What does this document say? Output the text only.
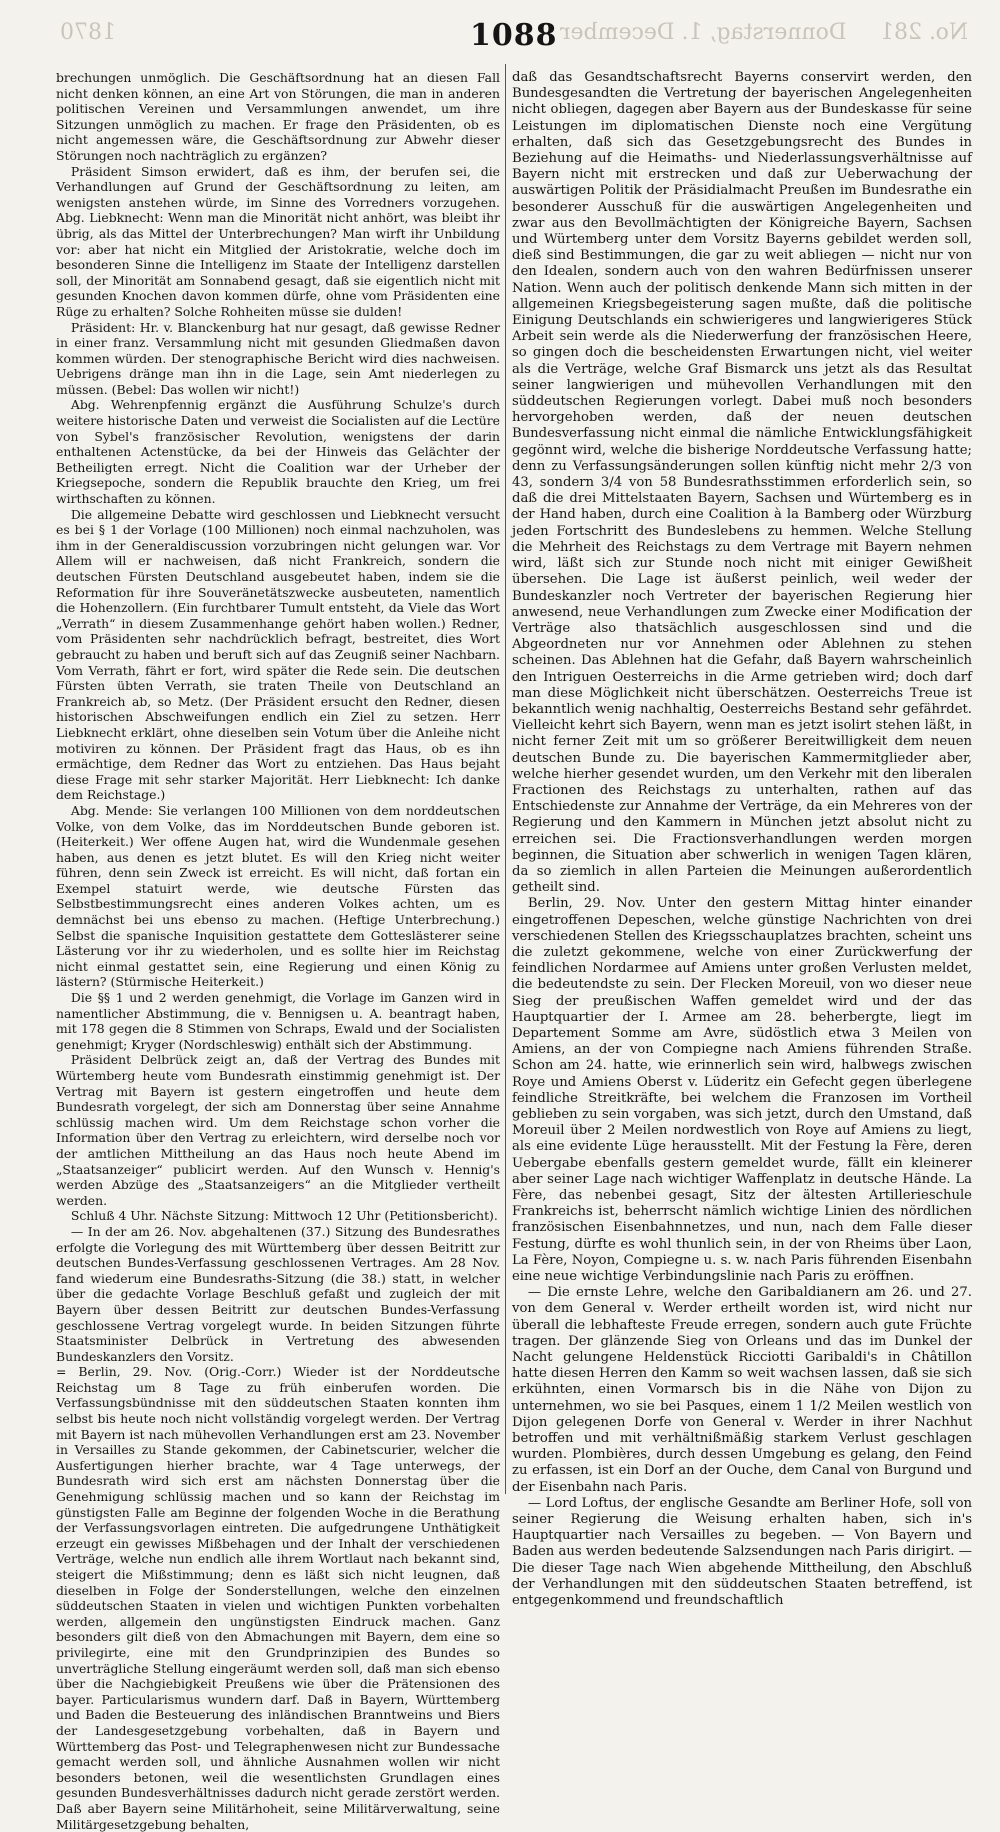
1870	Donnerstag, 1. December No. 281
1088

brechungen unmöglich. Die Geschäftsordnung hat an diesen Fall nicht denken können, an eine Art von Störungen, die man in anderen politischen Vereinen und Versammlungen anwendet, um ihre Sitzungen unmöglich zu machen. Er frage den Präsidenten, ob es nicht angemessen wäre, die Geschäftsordnung zur Abwehr dieser Störungen noch nachträglich zu ergänzen?

Präsident Simson erwidert, daß es ihm, der berufen sei, die Verhandlungen auf Grund der Geschäftsordnung zu leiten, am wenigsten anstehen würde, im Sinne des Vorredners vorzugehen. Abg. Liebknecht: Wenn man die Minorität nicht anhört, was bleibt ihr übrig, als das Mittel der Unterbrechungen? Man wirft ihr Unbildung vor: aber hat nicht ein Mitglied der Aristokratie, welche doch im besonderen Sinne die Intelligenz im Staate der Intelligenz darstellen soll, der Minorität am Sonnabend gesagt, daß sie eigentlich nicht mit gesunden Knochen davon kommen dürfe, ohne vom Präsidenten eine Rüge zu erhalten? Solche Rohheiten müsse sie dulden!

Präsident: Hr. v. Blanckenburg hat nur gesagt, daß gewisse Redner in einer franz. Versammlung nicht mit gesunden Gliedmaßen davon kommen würden. Der stenographische Bericht wird dies nachweisen. Uebrigens dränge man ihn in die Lage, sein Amt niederlegen zu müssen. (Bebel: Das wollen wir nicht!)

Abg. Wehrenpfennig ergänzt die Ausführung Schulze's durch weitere historische Daten und verweist die Socialisten auf die Lectüre von Sybel's französischer Revolution, wenigstens der darin enthaltenen Actenstücke, da bei der Hinweis das Gelächter der Betheiligten erregt. Nicht die Coalition war der Urheber der Kriegsepoche, sondern die Republik brauchte den Krieg, um frei wirthschaften zu können.

Die allgemeine Debatte wird geschlossen und Liebknecht versucht es bei § 1 der Vorlage (100 Millionen) noch einmal nachzuholen, was ihm in der Generaldiscussion vorzubringen nicht gelungen war. Vor Allem will er nachweisen, daß nicht Frankreich, sondern die deutschen Fürsten Deutschland ausgebeutet haben, indem sie die Reformation für ihre Souveränetätszwecke ausbeuteten, namentlich die Hohenzollern. (Ein furchtbarer Tumult entsteht, da Viele das Wort „Verrath“ in diesem Zusammenhange gehört haben wollen.) Redner, vom Präsidenten sehr nachdrücklich befragt, bestreitet, dies Wort gebraucht zu haben und beruft sich auf das Zeugniß seiner Nachbarn. Vom Verrath, fährt er fort, wird später die Rede sein. Die deutschen Fürsten übten Verrath, sie traten Theile von Deutschland an Frankreich ab, so Metz. (Der Präsident ersucht den Redner, diesen historischen Abschweifungen endlich ein Ziel zu setzen. Herr Liebknecht erklärt, ohne dieselben sein Votum über die Anleihe nicht motiviren zu können. Der Präsident fragt das Haus, ob es ihn ermächtige, dem Redner das Wort zu entziehen. Das Haus bejaht diese Frage mit sehr starker Majorität. Herr Liebknecht: Ich danke dem Reichstage.)

Abg. Mende: Sie verlangen 100 Millionen von dem norddeutschen Volke, von dem Volke, das im Norddeutschen Bunde geboren ist. (Heiterkeit.) Wer offene Augen hat, wird die Wundenmale gesehen haben, aus denen es jetzt blutet. Es will den Krieg nicht weiter führen, denn sein Zweck ist erreicht. Es will nicht, daß fortan ein Exempel statuirt werde, wie deutsche Fürsten das Selbstbestimmungsrecht eines anderen Volkes achten, um es demnächst bei uns ebenso zu machen. (Heftige Unterbrechung.) Selbst die spanische Inquisition gestattete dem Gotteslästerer seine Lästerung vor ihr zu wiederholen, und es sollte hier im Reichstag nicht einmal gestattet sein, eine Regierung und einen König zu lästern? (Stürmische Heiterkeit.)

Die §§ 1 und 2 werden genehmigt, die Vorlage im Ganzen wird in namentlicher Abstimmung, die v. Bennigsen u. A. beantragt haben, mit 178 gegen die 8 Stimmen von Schraps, Ewald und der Socialisten genehmigt; Kryger (Nordschleswig) enthält sich der Abstimmung.

Präsident Delbrück zeigt an, daß der Vertrag des Bundes mit Würtemberg heute vom Bundesrath einstimmig genehmigt ist. Der Vertrag mit Bayern ist gestern eingetroffen und heute dem Bundesrath vorgelegt, der sich am Donnerstag über seine Annahme schlüssig machen wird. Um dem Reichstage schon vorher die Information über den Vertrag zu erleichtern, wird derselbe noch vor der amtlichen Mittheilung an das Haus noch heute Abend im „Staatsanzeiger“ publicirt werden. Auf den Wunsch v. Hennig's werden Abzüge des „Staatsanzeigers“ an die Mitglieder vertheilt werden.

Schluß 4 Uhr. Nächste Sitzung: Mittwoch 12 Uhr (Petitionsbericht).

— In der am 26. Nov. abgehaltenen (37.) Sitzung des Bundesrathes erfolgte die Vorlegung des mit Württemberg über dessen Beitritt zur deutschen Bundes-Verfassung geschlossenen Vertrages. Am 28 Nov. fand wiederum eine Bundesraths-Sitzung (die 38.) statt, in welcher über die gedachte Vorlage Beschluß gefaßt und zugleich der mit Bayern über dessen Beitritt zur deutschen Bundes-Verfassung geschlossene Vertrag vorgelegt wurde. In beiden Sitzungen führte Staatsminister Delbrück in Vertretung des abwesenden Bundeskanzlers den Vorsitz.

= Berlin, 29. Nov. (Orig.-Corr.) Wieder ist der Norddeutsche Reichstag um 8 Tage zu früh einberufen worden. Die Verfassungsbündnisse mit den süddeutschen Staaten konnten ihm selbst bis heute noch nicht vollständig vorgelegt werden. Der Vertrag mit Bayern ist nach mühevollen Verhandlungen erst am 23. November in Versailles zu Stande gekommen, der Cabinetscurier, welcher die Ausfertigungen hierher brachte, war 4 Tage unterwegs, der Bundesrath wird sich erst am nächsten Donnerstag über die Genehmigung schlüssig machen und so kann der Reichstag im günstigsten Falle am Beginne der folgenden Woche in die Berathung der Verfassungsvorlagen eintreten. Die aufgedrungene Unthätigkeit erzeugt ein gewisses Mißbehagen und der Inhalt der verschiedenen Verträge, welche nun endlich alle ihrem Wortlaut nach bekannt sind, steigert die Mißstimmung; denn es läßt sich nicht leugnen, daß dieselben in Folge der Sonderstellungen, welche den einzelnen süddeutschen Staaten in vielen und wichtigen Punkten vorbehalten werden, allgemein den ungünstigsten Eindruck machen. Ganz besonders gilt dieß von den Abmachungen mit Bayern, dem eine so privilegirte, eine mit den Grundprinzipien des Bundes so unverträgliche Stellung eingeräumt werden soll, daß man sich ebenso über die Nachgiebigkeit Preußens wie über die Prätensionen des bayer. Particularismus wundern darf. Daß in Bayern, Württemberg und Baden die Besteuerung des inländischen Branntweins und Biers der Landesgesetzgebung vorbehalten, daß in Bayern und Württemberg das Post- und Telegraphenwesen nicht zur Bundessache gemacht werden soll, und ähnliche Ausnahmen wollen wir nicht besonders betonen, weil die wesentlichsten Grundlagen eines gesunden Bundesverhältnisses dadurch nicht gerade zerstört werden. Daß aber Bayern seine Militärhoheit, seine Militärverwaltung, seine Militärgesetzgebung behalten,

daß das Gesandtschaftsrecht Bayerns conservirt werden, den Bundesgesandten die Vertretung der bayerischen Angelegenheiten nicht obliegen, dagegen aber Bayern aus der Bundeskasse für seine Leistungen im diplomatischen Dienste noch eine Vergütung erhalten, daß sich das Gesetzgebungsrecht des Bundes in Beziehung auf die Heimaths- und Niederlassungsverhältnisse auf Bayern nicht mit erstrecken und daß zur Ueberwachung der auswärtigen Politik der Präsidialmacht Preußen im Bundesrathe ein besonderer Ausschuß für die auswärtigen Angelegenheiten und zwar aus den Bevollmächtigten der Königreiche Bayern, Sachsen und Würtemberg unter dem Vorsitz Bayerns gebildet werden soll, dieß sind Bestimmungen, die gar zu weit abliegen — nicht nur von den Idealen, sondern auch von den wahren Bedürfnissen unserer Nation. Wenn auch der politisch denkende Mann sich mitten in der allgemeinen Kriegsbegeisterung sagen mußte, daß die politische Einigung Deutschlands ein schwierigeres und langwierigeres Stück Arbeit sein werde als die Niederwerfung der französischen Heere, so gingen doch die bescheidensten Erwartungen nicht, viel weiter als die Verträge, welche Graf Bismarck uns jetzt als das Resultat seiner langwierigen und mühevollen Verhandlungen mit den süddeutschen Regierungen vorlegt. Dabei muß noch besonders hervorgehoben werden, daß der neuen deutschen Bundesverfassung nicht einmal die nämliche Entwicklungsfähigkeit gegönnt wird, welche die bisherige Norddeutsche Verfassung hatte; denn zu Verfassungsänderungen sollen künftig nicht mehr 2/3 von 43, sondern 3/4 von 58 Bundesrathsstimmen erforderlich sein, so daß die drei Mittelstaaten Bayern, Sachsen und Würtemberg es in der Hand haben, durch eine Coalition à la Bamberg oder Würzburg jeden Fortschritt des Bundeslebens zu hemmen. Welche Stellung die Mehrheit des Reichstags zu dem Vertrage mit Bayern nehmen wird, läßt sich zur Stunde noch nicht mit einiger Gewißheit übersehen. Die Lage ist äußerst peinlich, weil weder der Bundeskanzler noch Vertreter der bayerischen Regierung hier anwesend, neue Verhandlungen zum Zwecke einer Modification der Verträge also thatsächlich ausgeschlossen sind und die Abgeordneten nur vor Annehmen oder Ablehnen zu stehen scheinen. Das Ablehnen hat die Gefahr, daß Bayern wahrscheinlich den Intriguen Oesterreichs in die Arme getrieben wird; doch darf man diese Möglichkeit nicht überschätzen. Oesterreichs Treue ist bekanntlich wenig nachhaltig, Oesterreichs Bestand sehr gefährdet. Vielleicht kehrt sich Bayern, wenn man es jetzt isolirt stehen läßt, in nicht ferner Zeit mit um so größerer Bereitwilligkeit dem neuen deutschen Bunde zu. Die bayerischen Kammermitglieder aber, welche hierher gesendet wurden, um den Verkehr mit den liberalen Fractionen des Reichstags zu unterhalten, rathen auf das Entschiedenste zur Annahme der Verträge, da ein Mehreres von der Regierung und den Kammern in München jetzt absolut nicht zu erreichen sei. Die Fractionsverhandlungen werden morgen beginnen, die Situation aber schwerlich in wenigen Tagen klären, da so ziemlich in allen Parteien die Meinungen außerordentlich getheilt sind.

Berlin, 29. Nov. Unter den gestern Mittag hinter einander eingetroffenen Depeschen, welche günstige Nachrichten von drei verschiedenen Stellen des Kriegsschauplatzes brachten, scheint uns die zuletzt gekommene, welche von einer Zurückwerfung der feindlichen Nordarmee auf Amiens unter großen Verlusten meldet, die bedeutendste zu sein. Der Flecken Moreuil, von wo dieser neue Sieg der preußischen Waffen gemeldet wird und der das Hauptquartier der I. Armee am 28. beherbergte, liegt im Departement Somme am Avre, südöstlich etwa 3 Meilen von Amiens, an der von Compiegne nach Amiens führenden Straße. Schon am 24. hatte, wie erinnerlich sein wird, halbwegs zwischen Roye und Amiens Oberst v. Lüderitz ein Gefecht gegen überlegene feindliche Streitkräfte, bei welchem die Franzosen im Vortheil geblieben zu sein vorgaben, was sich jetzt, durch den Umstand, daß Moreuil über 2 Meilen nordwestlich von Roye auf Amiens zu liegt, als eine evidente Lüge herausstellt. Mit der Festung la Fère, deren Uebergabe ebenfalls gestern gemeldet wurde, fällt ein kleinerer aber seiner Lage nach wichtiger Waffenplatz in deutsche Hände. La Fère, das nebenbei gesagt, Sitz der ältesten Artillerieschule Frankreichs ist, beherrscht nämlich wichtige Linien des nördlichen französischen Eisenbahnnetzes, und nun, nach dem Falle dieser Festung, dürfte es wohl thunlich sein, in der von Rheims über Laon, La Fère, Noyon, Compiegne u. s. w. nach Paris führenden Eisenbahn eine neue wichtige Verbindungslinie nach Paris zu eröffnen.

— Die ernste Lehre, welche den Garibaldianern am 26. und 27. von dem General v. Werder ertheilt worden ist, wird nicht nur überall die lebhafteste Freude erregen, sondern auch gute Früchte tragen. Der glänzende Sieg von Orleans und das im Dunkel der Nacht gelungene Heldenstück Ricciotti Garibaldi's in Châtillon hatte diesen Herren den Kamm so weit wachsen lassen, daß sie sich erkühnten, einen Vormarsch bis in die Nähe von Dijon zu unternehmen, wo sie bei Pasques, einem 1 1/2 Meilen westlich von Dijon gelegenen Dorfe von General v. Werder in ihrer Nachhut betroffen und mit verhältnißmäßig starkem Verlust geschlagen wurden. Plombières, durch dessen Umgebung es gelang, den Feind zu erfassen, ist ein Dorf an der Ouche, dem Canal von Burgund und der Eisenbahn nach Paris.

— Lord Loftus, der englische Gesandte am Berliner Hofe, soll von seiner Regierung die Weisung erhalten haben, sich in's Hauptquartier nach Versailles zu begeben. — Von Bayern und Baden aus werden bedeutende Salzsendungen nach Paris dirigirt. — Die dieser Tage nach Wien abgehende Mittheilung, den Abschluß der Verhandlungen mit den süddeutschen Staaten betreffend, ist entgegenkommend und freundschaftlich
